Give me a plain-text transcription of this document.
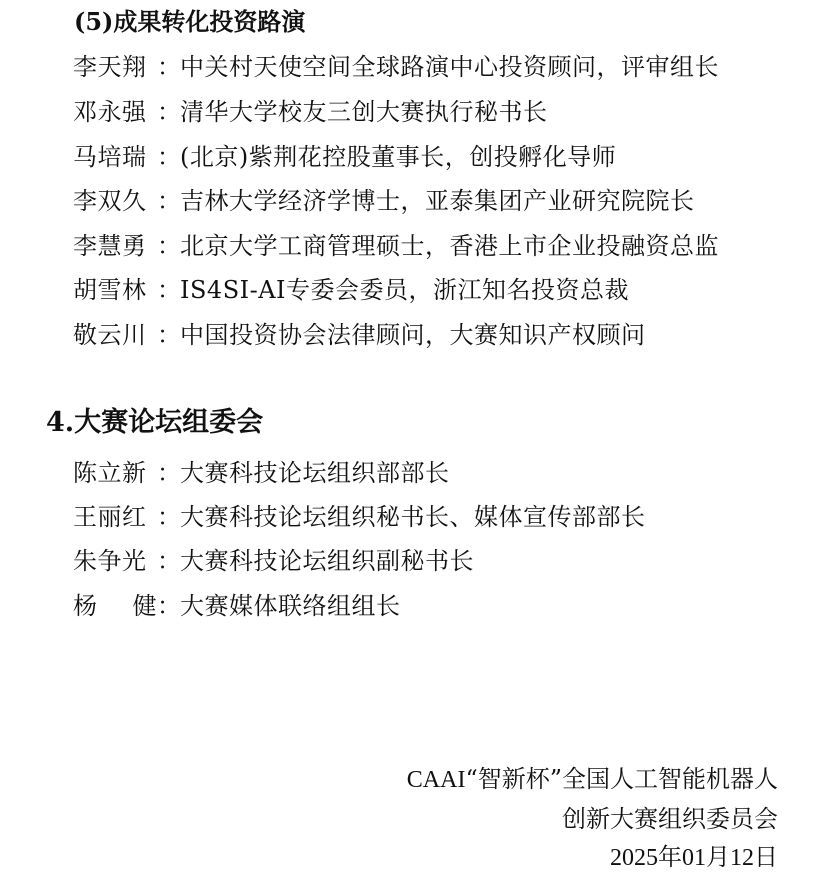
(5)成果转化投资路演
李天翔 ：
中关村天使空间全球路演中心投资顾问，评审组长
邓永强 ：
清华大学校友三创大赛执行秘书长
马培瑞 ：
(北京)紫荆花控股董事长，创投孵化导师
李双久 ：
吉林大学经济学博士，亚泰集团产业研究院院长
李慧勇 ：
北京大学工商管理硕士，香港上市企业投融资总监
胡雪林 ：
IS4SI-AI专委会委员，浙江知名投资总裁
敬云川 ：
中国投资协会法律顾问，大赛知识产权顾问
4.大赛论坛组委会
陈立新 ：
大赛科技论坛组织部部长
王丽红 ：
大赛科技论坛组织秘书长、媒体宣传部部长
朱争光 ：
大赛科技论坛组织副秘书长
杨健 ：
大赛媒体联络组组长
CAAI“智新杯”全国人工智能机器人
创新大赛组织委员会
2025年01月12日
